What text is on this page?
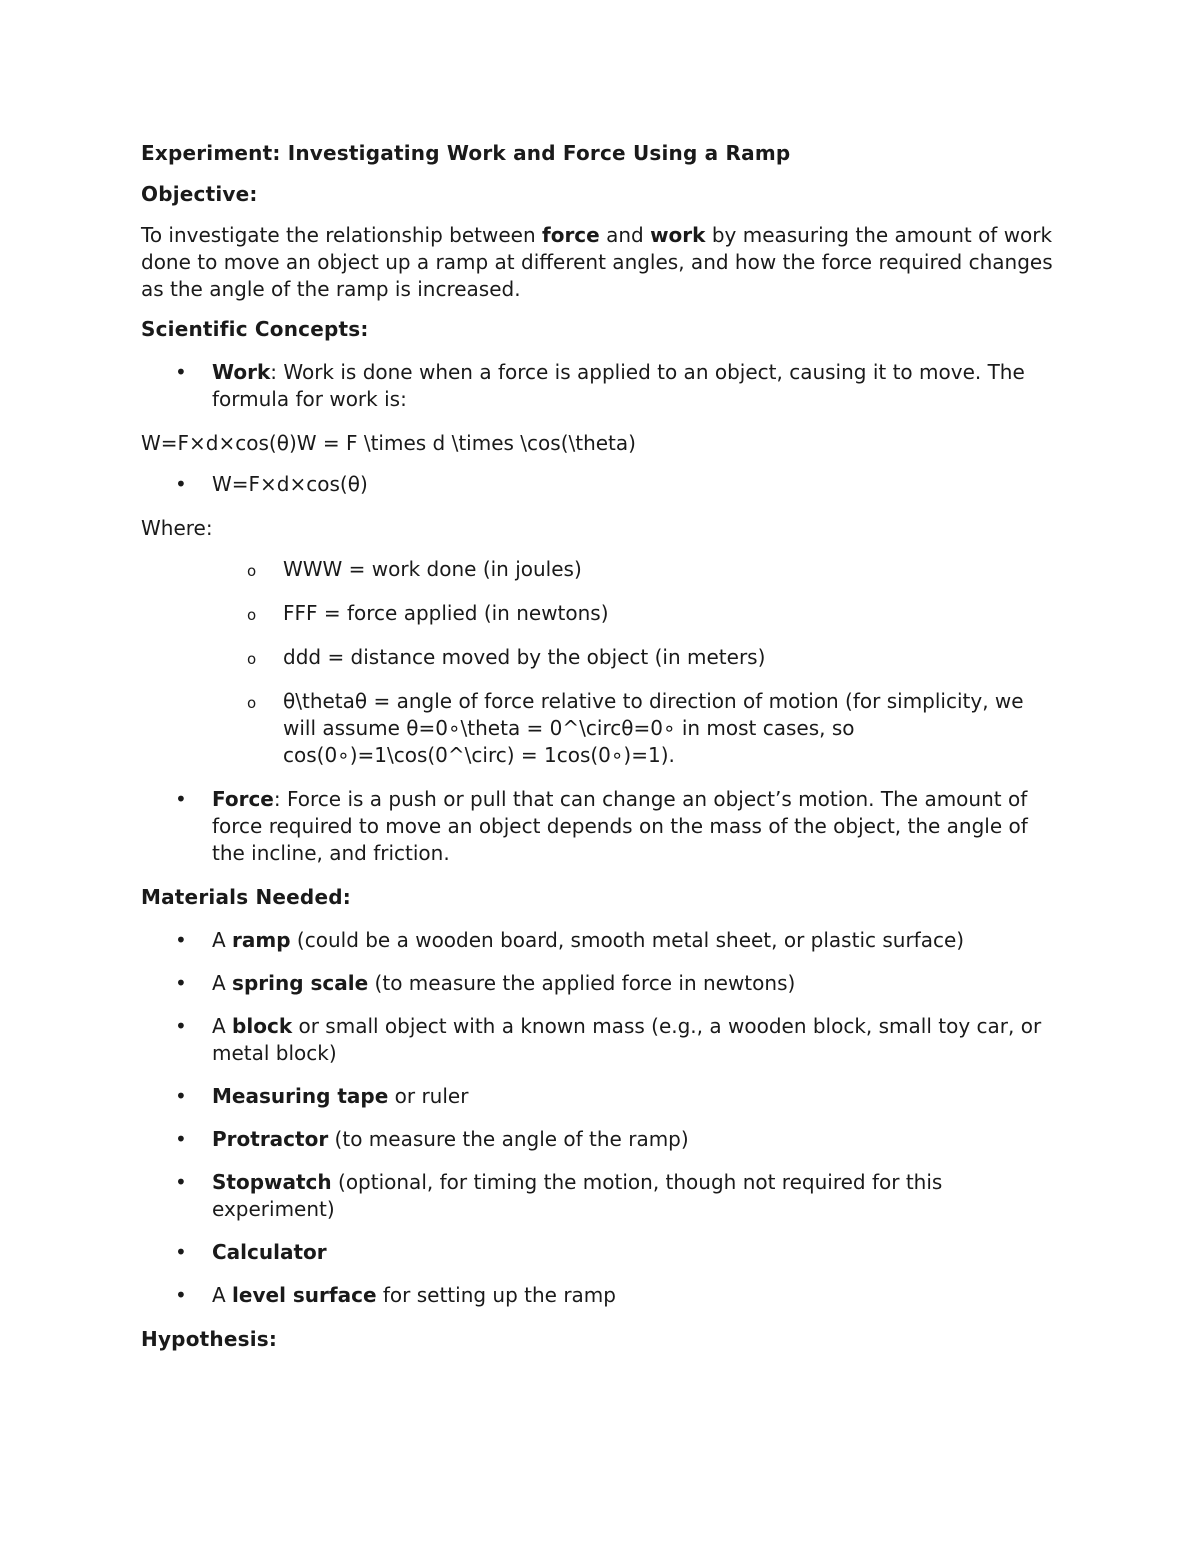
Experiment: Investigating Work and Force Using a Ramp
Objective:
To investigate the relationship between force and work by measuring the amount of work done to move an object up a ramp at different angles, and how the force required changes as the angle of the ramp is increased.
Scientific Concepts:
• Work: Work is done when a force is applied to an object, causing it to move. The formula for work is:
W=F×d×cos(θ)W = F \times d \times \cos(\theta)
• W=F×d×cos(θ)
Where:
o WWW = work done (in joules)
o FFF = force applied (in newtons)
o ddd = distance moved by the object (in meters)
o θ\thetaθ = angle of force relative to direction of motion (for simplicity, we will assume θ=0∘\theta = 0^\circθ=0∘ in most cases, so cos(0∘)=1\cos(0^\circ) = 1cos(0∘)=1).
• Force: Force is a push or pull that can change an object’s motion. The amount of force required to move an object depends on the mass of the object, the angle of the incline, and friction.
Materials Needed:
• A ramp (could be a wooden board, smooth metal sheet, or plastic surface)
• A spring scale (to measure the applied force in newtons)
• A block or small object with a known mass (e.g., a wooden block, small toy car, or metal block)
• Measuring tape or ruler
• Protractor (to measure the angle of the ramp)
• Stopwatch (optional, for timing the motion, though not required for this experiment)
• Calculator
• A level surface for setting up the ramp
Hypothesis:
